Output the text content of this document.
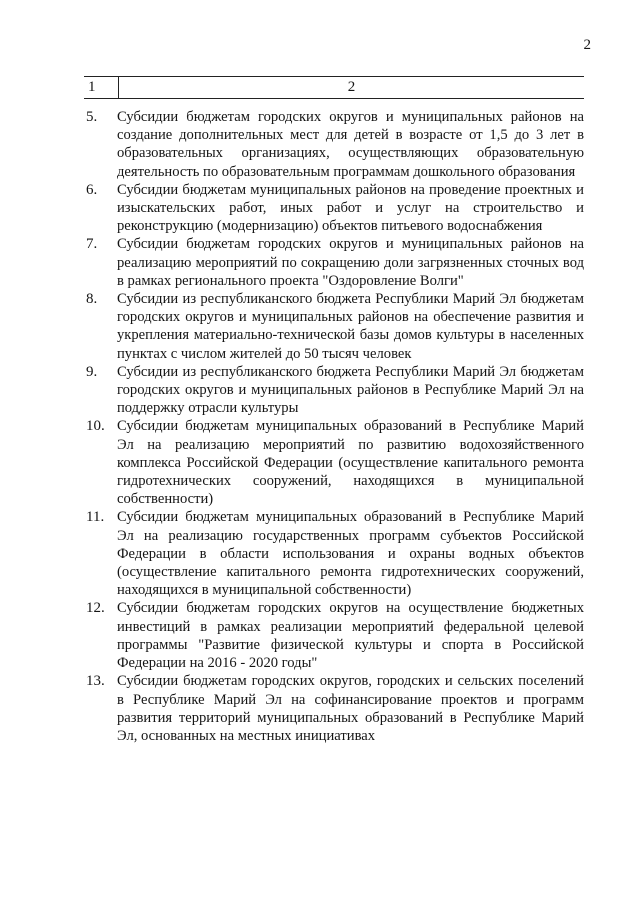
2
1	2
5.	Субсидии бюджетам городских округов и муниципальных районов на создание дополнительных мест для детей в возрасте от 1,5 до 3 лет в образовательных организациях, осуществляющих образовательную деятельность по образовательным программам дошкольного образования
6.	Субсидии бюджетам муниципальных районов на проведение проектных и изыскательских работ, иных работ и услуг на строительство и реконструкцию (модернизацию) объектов питьевого водоснабжения
7.	Субсидии бюджетам городских округов и муниципальных районов на реализацию мероприятий по сокращению доли загрязненных сточных вод в рамках регионального проекта "Оздоровление Волги"
8.	Субсидии из республиканского бюджета Республики Марий Эл бюджетам городских округов и муниципальных районов на обеспечение развития и укрепления материально-технической базы домов культуры в населенных пунктах с числом жителей до 50 тысяч человек
9.	Субсидии из республиканского бюджета Республики Марий Эл бюджетам городских округов и муниципальных районов в Республике Марий Эл на поддержку отрасли культуры
10. Субсидии бюджетам муниципальных образований в Республике Марий Эл на реализацию мероприятий по развитию водохозяйственного комплекса Российской Федерации (осуществление капитального ремонта гидротехнических сооружений, находящихся в муниципальной собственности)
11. Субсидии бюджетам муниципальных образований в Республике Марий Эл на реализацию государственных программ субъектов Российской Федерации в области использования и охраны водных объектов (осуществление капитального ремонта гидротехнических сооружений, находящихся в муниципальной собственности)
12. Субсидии бюджетам городских округов на осуществление бюджетных инвестиций в рамках реализации мероприятий федеральной целевой программы "Развитие физической культуры и спорта в Российской Федерации на 2016 - 2020 годы"
13. Субсидии бюджетам городских округов, городских и сельских поселений в Республике Марий Эл на софинансирование проектов и программ развития территорий муниципальных образований в Республике Марий Эл, основанных на местных инициативах
